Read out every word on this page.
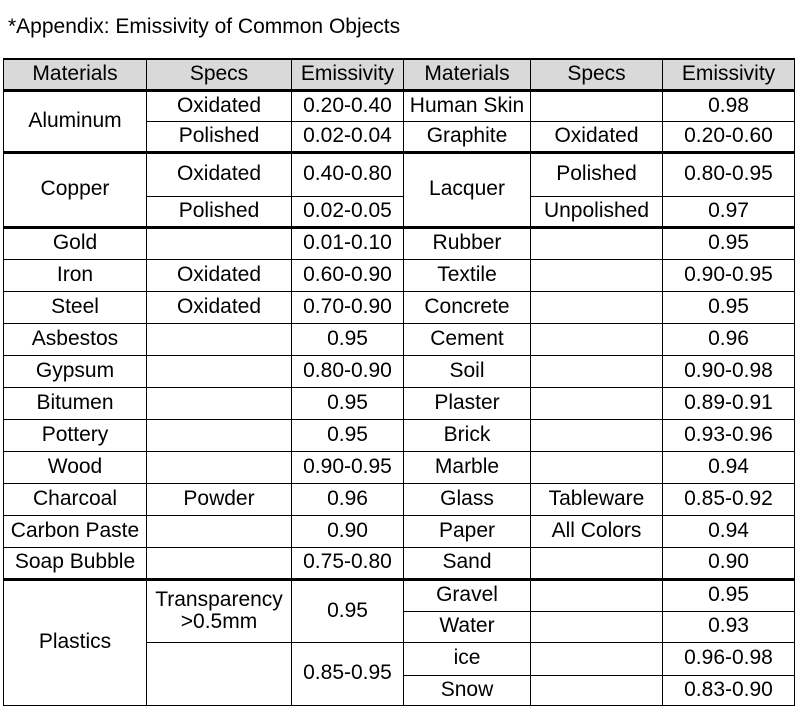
*Appendix: Emissivity of Common Objects
Materials	Specs	Emissivity	Materials	Specs	Emissivity
Aluminum	Oxidated	0.20-0.40	Human Skin		0.98
	Polished	0.02-0.04	Graphite	Oxidated	0.20-0.60
Copper	Oxidated	0.40-0.80	Lacquer	Polished	0.80-0.95
	Polished	0.02-0.05		Unpolished	0.97
Gold		0.01-0.10	Rubber		0.95
Iron	Oxidated	0.60-0.90	Textile		0.90-0.95
Steel	Oxidated	0.70-0.90	Concrete		0.95
Asbestos		0.95	Cement		0.96
Gypsum		0.80-0.90	Soil		0.90-0.98
Bitumen		0.95	Plaster		0.89-0.91
Pottery		0.95	Brick		0.93-0.96
Wood		0.90-0.95	Marble		0.94
Charcoal	Powder	0.96	Glass	Tableware	0.85-0.92
Carbon Paste		0.90	Paper	All Colors	0.94
Soap Bubble		0.75-0.80	Sand		0.90
Plastics	Transparency >0.5mm	0.95	Gravel		0.95
			Water		0.93
		0.85-0.95	ice		0.96-0.98
			Snow		0.83-0.90
